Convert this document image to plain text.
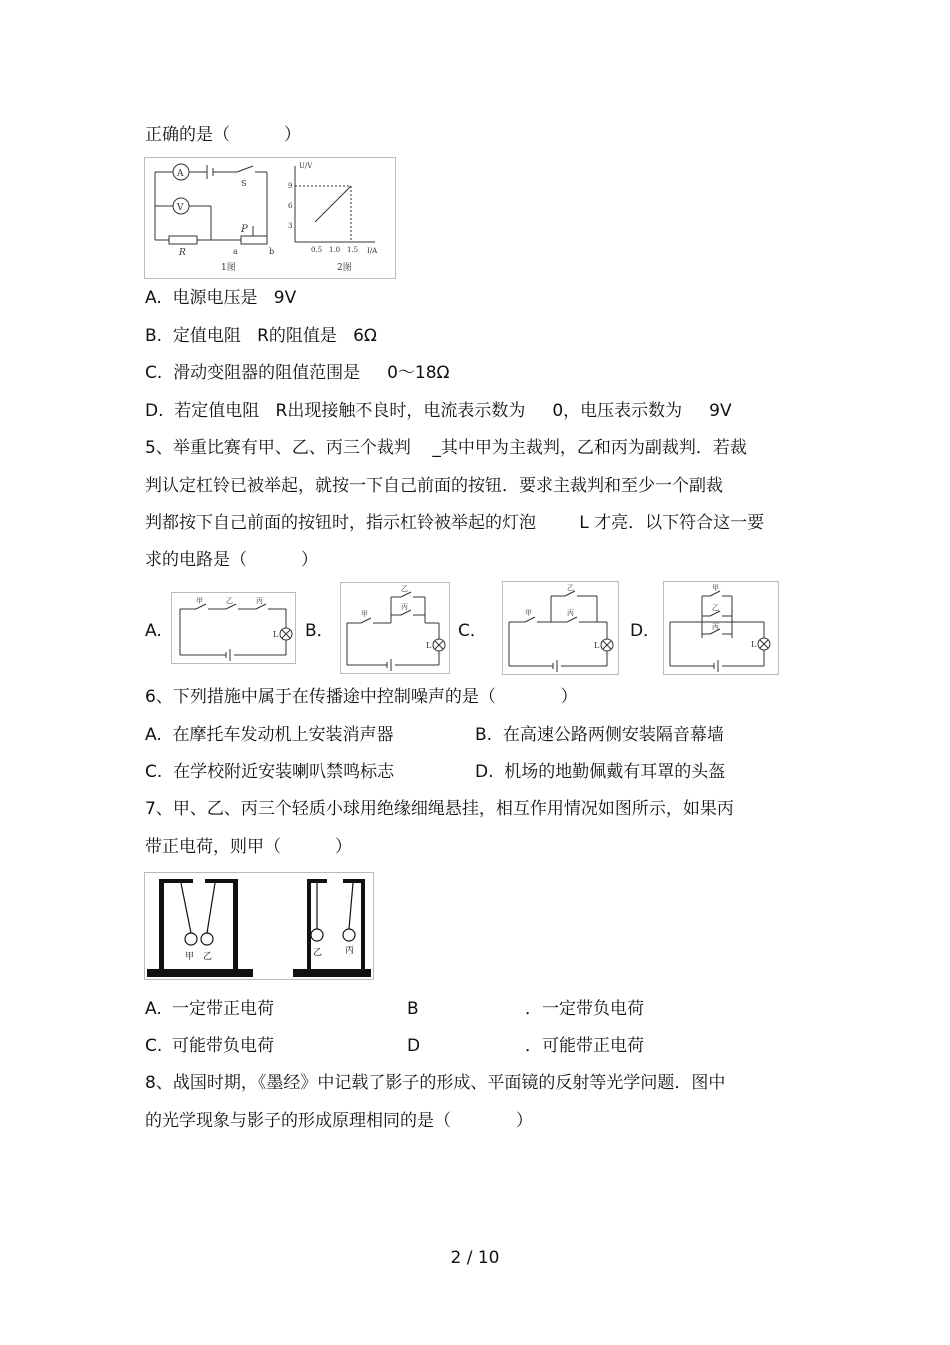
正确的是（          ）
A
V
S
R
P
a	b
1图
U/V
I/A
9
6
3
0.5 1.0 1.5
2图
A.  电源电压是   9V
B.  定值电阻   R的阻值是   6Ω
C.  滑动变阻器的阻值范围是     0～18Ω
D.  若定值电阻   R出现接触不良时，电流表示数为     0，电压表示数为     9V
5、举重比赛有甲、乙、丙三个裁判    _其中甲为主裁判，乙和丙为副裁判．若裁
判认定杠铃已被举起，就按一下自己前面的按钮．要求主裁判和至少一个副裁
判都按下自己前面的按钮时，指示杠铃被举起的灯泡        L 才亮．以下符合这一要
求的电路是（          ）
A.	B．	C．	D．
甲	乙	丙
L
甲
乙
丙
L
甲
乙
丙
L
甲
乙
丙
L
6、下列措施中属于在传播途中控制噪声的是（            ）
A.  在摩托车发动机上安装消声器	B.  在高速公路两侧安装隔音幕墙
C.  在学校附近安装喇叭禁鸣标志	D.  机场的地勤佩戴有耳罩的头盔
7、甲、乙、丙三个轻质小球用绝缘细绳悬挂，相互作用情况如图所示，如果丙
带正电荷，则甲（          ）
甲 乙	乙	丙
A. 一定带正电荷	B	．一定带负电荷
C. 可能带负电荷	D	．可能带正电荷
8、战国时期，《墨经》中记载了影子的形成、平面镜的反射等光学问题．图中
的光学现象与影子的形成原理相同的是（            ）
2 / 10
